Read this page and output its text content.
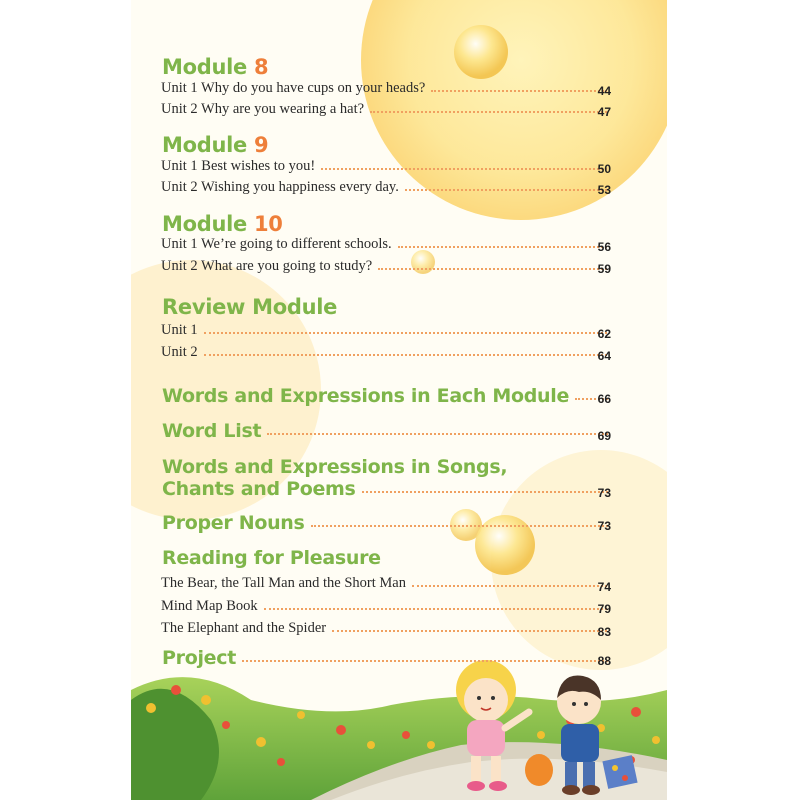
Module 8
Unit 1 Why do you have cups on your heads?	44
Unit 2 Why are you wearing a hat?	47
Module 9
Unit 1 Best wishes to you!	50
Unit 2 Wishing you happiness every day.	53
Module 10
Unit 1 We’re going to different schools.	56
Unit 2 What are you going to study?	59
Review Module
Unit 1	62
Unit 2	64
Words and Expressions in Each Module 66
Word List	69
Words and Expressions in Songs,
Chants and Poems	73
Proper Nouns	73
Reading for Pleasure
The Bear, the Tall Man and the Short Man	74
Mind Map Book	79
The Elephant and the Spider	83
Project	88
